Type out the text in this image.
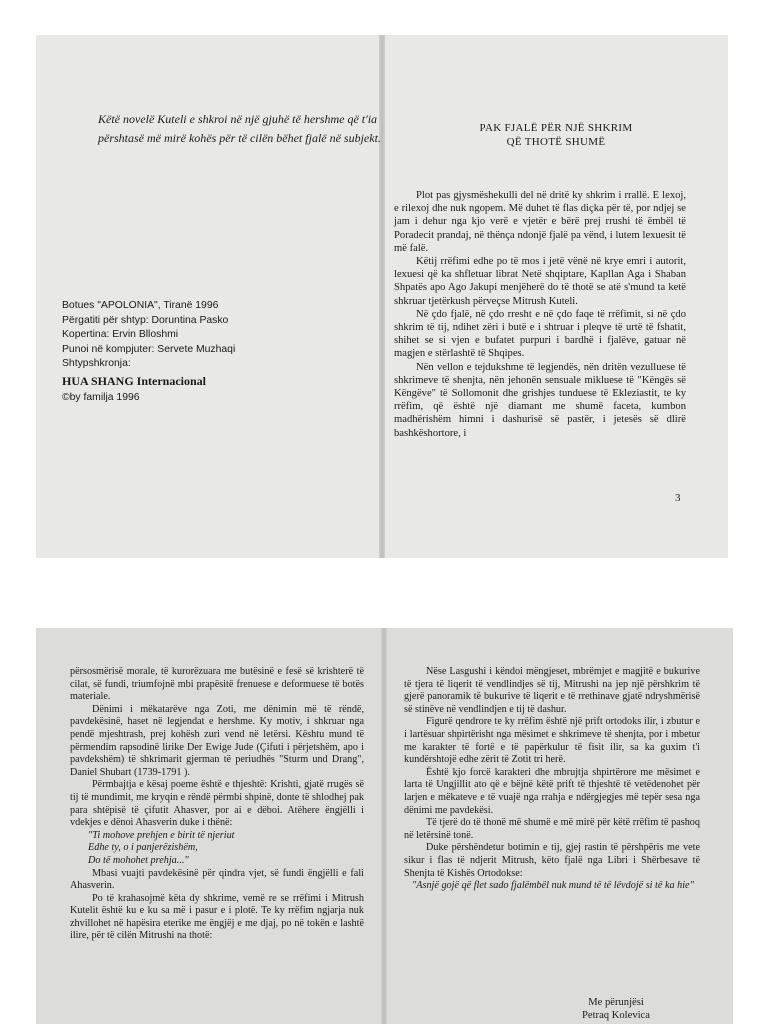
Këtë novelë Kuteli e shkroi në një gjuhë të hershme që t'ia përshtasë më mirë kohës për të cilën bëhet fjalë në subjekt.
Botues "APOLONIA", Tiranë 1996
Përgatiti për shtyp: Doruntina Pasko
Kopertina: Ervin Blloshmi
Punoi në kompjuter: Servete Muzhaqi
Shtypshkronja:
HUA SHANG Internacional
©by familja 1996
PAK FJALË PËR NJË SHKRIM
QË THOTË SHUMË

Plot pas gjysmëshekulli del në dritë ky shkrim i rrallë. E lexoj, e rilexoj dhe nuk ngopem. Më duhet të flas diçka për të, por ndjej se jam i dehur nga kjo verë e vjetër e bërë prej rrushi të ëmbël të Poradecit prandaj, në thënça ndonjë fjalë pa vënd, i lutem lexuesit të më falë.

Këtij rrëfimi edhe po të mos i jetë vënë në krye emri i autorit, lexuesi që ka shfletuar librat Netë shqiptare, Kapllan Aga i Shaban Shpatës apo Ago Jakupi menjëherë do të thotë se atë s'mund ta ketë shkruar tjetërkush përveçse Mitrush Kuteli.

Në çdo fjalë, në çdo rresht e në çdo faqe të rrëfimit, si në çdo shkrim të tij, ndihet zëri i butë e i shtruar i pleqve të urtë të fshatit, shihet se si vjen e bufatet purpuri i bardhë i fjalëve, gatuar në magjen e stërlashtë të Shqipes.

Nën vellon e tejdukshme të legjendës, nën dritën vezulluese të shkrimeve të shenjta, nën jehonën sensuale mikluese të "Këngës së Këngëve" të Sollomonit dhe grishjes tunduese të Ekleziastit, te ky rrëfim, që është një diamant me shumë faceta, kumbon madhërishëm himni i dashurisë së pastër, i jetesës së dlirë bashkëshortore, i

3

përsosmërisë morale, të kurorëzuara me butësinë e fesë së krishterë të cilat, së fundi, triumfojnë mbi prapësitë frenuese e deformuese të botës materiale.

Dënimi i mëkatarëve nga Zoti, me dënimin më të rëndë, pavdekësinë, haset në legjendat e hershme. Ky motiv, i shkruar nga pendë mjeshtrash, prej kohësh zuri vend në letërsi. Kështu mund të përmendim rapsodinë lirike Der Ewige Jude (Çifuti i përjetshëm, apo i pavdekshëm) të shkrimarit gjerman të periudhës "Sturm und Drang", Daniel Shubart (1739-1791 ).

Përmbajtja e kësaj poeme është e thjeshtë: Krishti, gjatë rrugës së tij të mundimit, me kryqin e rëndë përmbi shpinë, donte të shlodhej pak para shtëpisë të çifutit Ahasver, por ai e dëboi. Atëhere ëngjëlli i vdekjes e dënoi Ahasverin duke i thënë:

"Ti mohove prehjen e birit të njeriut

Edhe ty, o i panjerëzishëm,

Do të mohohet prehja..."

Mbasi vuajti pavdekësinë për qindra vjet, së fundi ëngjëlli e fali Ahasverin.

Po të krahasojmë këta dy shkrime, vemë re se rrëfimi i Mitrush Kutelit është ku e ku sa më i pasur e i plotë. Te ky rrëfim ngjarja nuk zhvillohet në hapësira eterike me ëngjëj e me djaj, po në tokën e lashtë ilire, për të cilën Mitrushi na thotë:

Nëse Lasgushi i këndoi mëngjeset, mbrëmjet e magjitë e bukurive të tjera të liqerit të vendlindjes së tij, Mitrushi na jep një përshkrim të gjerë panoramik të bukurive të liqerit e të rrethinave gjatë ndryshmërisë së stinëve në vendlindjen e tij të dashur.

Figurë qendrore te ky rrëfim është një prift ortodoks ilir, i zbutur e i lartësuar shpirtërisht nga mësimet e shkrimeve të shenjta, por i mbetur me karakter të fortë e të papërkulur të fisit ilir, sa ka guxim t'i kundërshtojë edhe zërit të Zotit tri herë.

Është kjo forcë karakteri dhe mbrujtja shpirtërore me mësimet e larta të Ungjillit ato që e bëjnë këtë prift të thjeshtë të vetëdenohet për larjen e mëkateve e të vuajë nga rrahja e ndërgjegjes më tepër sesa nga dënimi me pavdekësi.

Të tjerë do të thonë më shumë e më mirë për këtë rrëfim të pashoq në letërsinë tonë.

Duke përshëndetur botimin e tij, gjej rastin të përshpëris me vete sikur i flas të ndjerit Mitrush, këto fjalë nga Libri i Shërbesave të Shenjta të Kishës Ortodokse:

"Asnjë gojë që flet sado fjalëmbël nuk mund të të lëvdojë si të ka hie"

Me përunjësi
Petraq Kolevica
